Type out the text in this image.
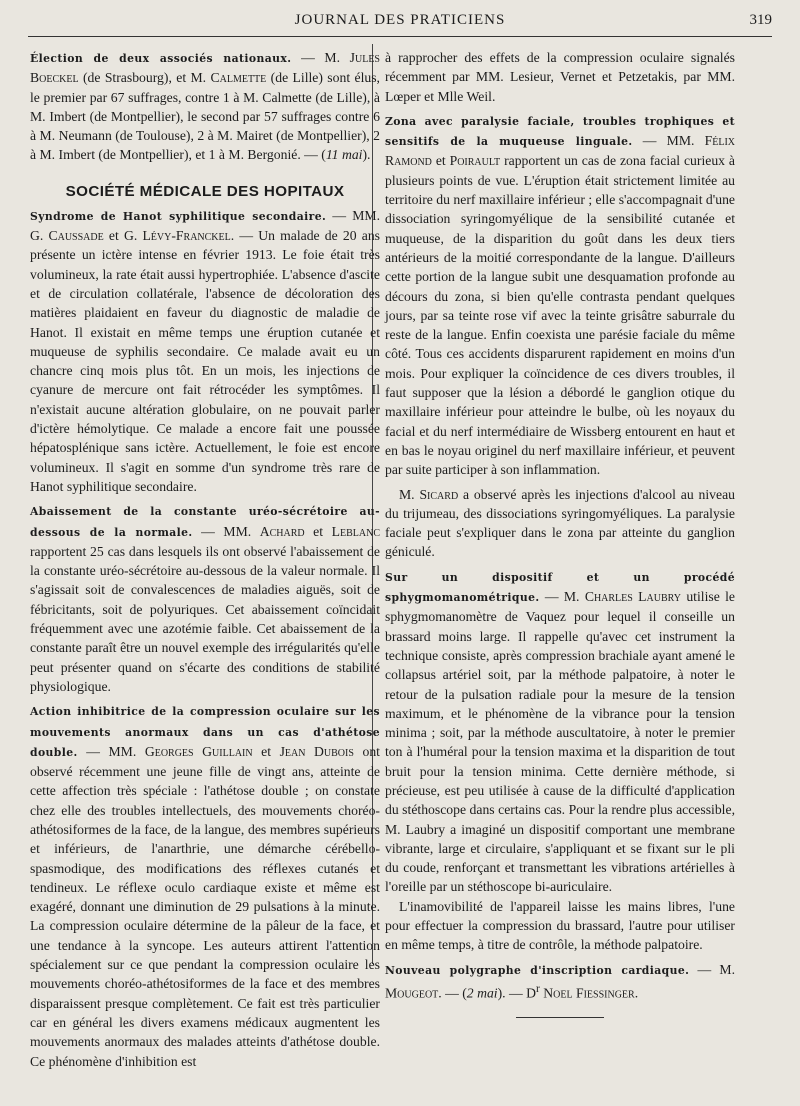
JOURNAL DES PRATICIENS	319

Élection de deux associés nationaux. — M. Jules Boeckel (de Strasbourg), et M. Calmette (de Lille) sont élus, le premier par 67 suffrages, contre 1 à M. Calmette (de Lille), à M. Imbert (de Montpellier), le second par 57 suffrages contre 6 à M. Neumann (de Toulouse), 2 à M. Mairet (de Montpellier), 2 à M. Imbert (de Montpellier), et 1 à M. Bergonié. — (11 mai).

SOCIÉTÉ MÉDICALE DES HOPITAUX

Syndrome de Hanot syphilitique secondaire. — MM. G. Caussade et G. Lévy-Franckel. — Un malade de 20 ans présente un ictère intense en février 1913. Le foie était très volumineux, la rate était aussi hypertrophiée. L'absence d'ascite et de circulation collatérale, l'absence de décoloration des matières plaidaient en faveur du diagnostic de maladie de Hanot. Il existait en même temps une éruption cutanée et muqueuse de syphilis secondaire. Ce malade avait eu un chancre cinq mois plus tôt. En un mois, les injections de cyanure de mercure ont fait rétrocéder les symptômes. Il n'existait aucune altération globulaire, on ne pouvait parler d'ictère hémolytique. Ce malade a encore fait une poussée hépatosplénique sans ictère. Actuellement, le foie est encore volumineux. Il s'agit en somme d'un syndrome très rare de Hanot syphilitique secondaire.

Abaissement de la constante uréo-sécrétoire au-dessous de la normale. — MM. Achard et Leblanc rapportent 25 cas dans lesquels ils ont observé l'abaissement de la constante uréo-sécrétoire au-dessous de la valeur normale. Il s'agissait soit de convalescences de maladies aiguës, soit de fébricitants, soit de polyuriques. Cet abaissement coïncidait fréquemment avec une azotémie faible. Cet abaissement de la constante paraît être un nouvel exemple des irrégularités qu'elle peut présenter quand on s'écarte des conditions de stabilité physiologique.

Action inhibitrice de la compression oculaire sur les mouvements anormaux dans un cas d'athétose double. — MM. Georges Guillain et Jean Dubois ont observé récemment une jeune fille de vingt ans, atteinte de cette affection très spéciale : l'athétose double ; on constate chez elle des troubles intellectuels, des mouvements choréo-athétosiformes de la face, de la langue, des membres supérieurs et inférieurs, de l'anarthrie, une démarche cérébello-spasmodique, des modifications des réflexes cutanés et tendineux. Le réflexe oculo cardiaque existe et même est exagéré, donnant une diminution de 29 pulsations à la minute. La compression oculaire détermine de la pâleur de la face, et une tendance à la syncope. Les auteurs attirent l'attention spécialement sur ce que pendant la compression oculaire les mouvements choréo-athétosiformes de la face et des membres disparaissent presque complètement. Ce fait est très particulier car en général les divers examens médicaux augmentent les mouvements anormaux des malades atteints d'athétose double. Ce phénomène d'inhibition est

à rapprocher des effets de la compression oculaire signalés récemment par MM. Lesieur, Vernet et Petzetakis, par MM. Lœper et Mlle Weil.

Zona avec paralysie faciale, troubles trophiques et sensitifs de la muqueuse linguale. — MM. Félix Ramond et Poirault rapportent un cas de zona facial curieux à plusieurs points de vue. L'éruption était strictement limitée au territoire du nerf maxillaire inférieur ; elle s'accompagnait d'une dissociation syringomyélique de la sensibilité cutanée et muqueuse, de la disparition du goût dans les deux tiers antérieurs de la moitié correspondante de la langue. D'ailleurs cette portion de la langue subit une desquamation profonde au décours du zona, si bien qu'elle contrasta pendant quelques jours, par sa teinte rose vif avec la teinte grisâtre saburrale du reste de la langue. Enfin coexista une parésie faciale du même côté. Tous ces accidents disparurent rapidement en moins d'un mois. Pour expliquer la coïncidence de ces divers troubles, il faut supposer que la lésion a débordé le ganglion otique du maxillaire inférieur pour atteindre le bulbe, où les noyaux du facial et du nerf intermédiaire de Wissberg entourent en haut et en bas le noyau originel du nerf maxillaire inférieur, et peuvent par suite participer à son inflammation.

M. Sicard a observé après les injections d'alcool au niveau du trijumeau, des dissociations syringomyéliques. La paralysie faciale peut s'expliquer dans le zona par atteinte du ganglion géniculé.

Sur un dispositif et un procédé sphygmomanométrique. — M. Charles Laubry utilise le sphygmomanomètre de Vaquez pour lequel il conseille un brassard moins large. Il rappelle qu'avec cet instrument la technique consiste, après compression brachiale ayant amené le collapsus artériel soit, par la méthode palpatoire, à noter le retour de la pulsation radiale pour la mesure de la tension maximum, et le phénomène de la vibrance pour la tension minima ; soit, par la méthode auscultatoire, à noter le premier ton à l'huméral pour la tension maxima et la disparition de tout bruit pour la tension minima. Cette dernière méthode, si précieuse, est peu utilisée à cause de la difficulté d'application du stéthoscope dans certains cas. Pour la rendre plus accessible, M. Laubry a imaginé un dispositif comportant une membrane vibrante, large et circulaire, s'appliquant et se fixant sur le pli du coude, renforçant et transmettant les vibrations artérielles à l'oreille par un stéthoscope bi-auriculaire.

L'inamovibilité de l'appareil laisse les mains libres, l'une pour effectuer la compression du brassard, l'autre pour utiliser en même temps, à titre de contrôle, la méthode palpatoire.

Nouveau polygraphe d'inscription cardiaque. — M. Mougeot. — (2 mai). — $D^r$ Noel Fiessinger.
